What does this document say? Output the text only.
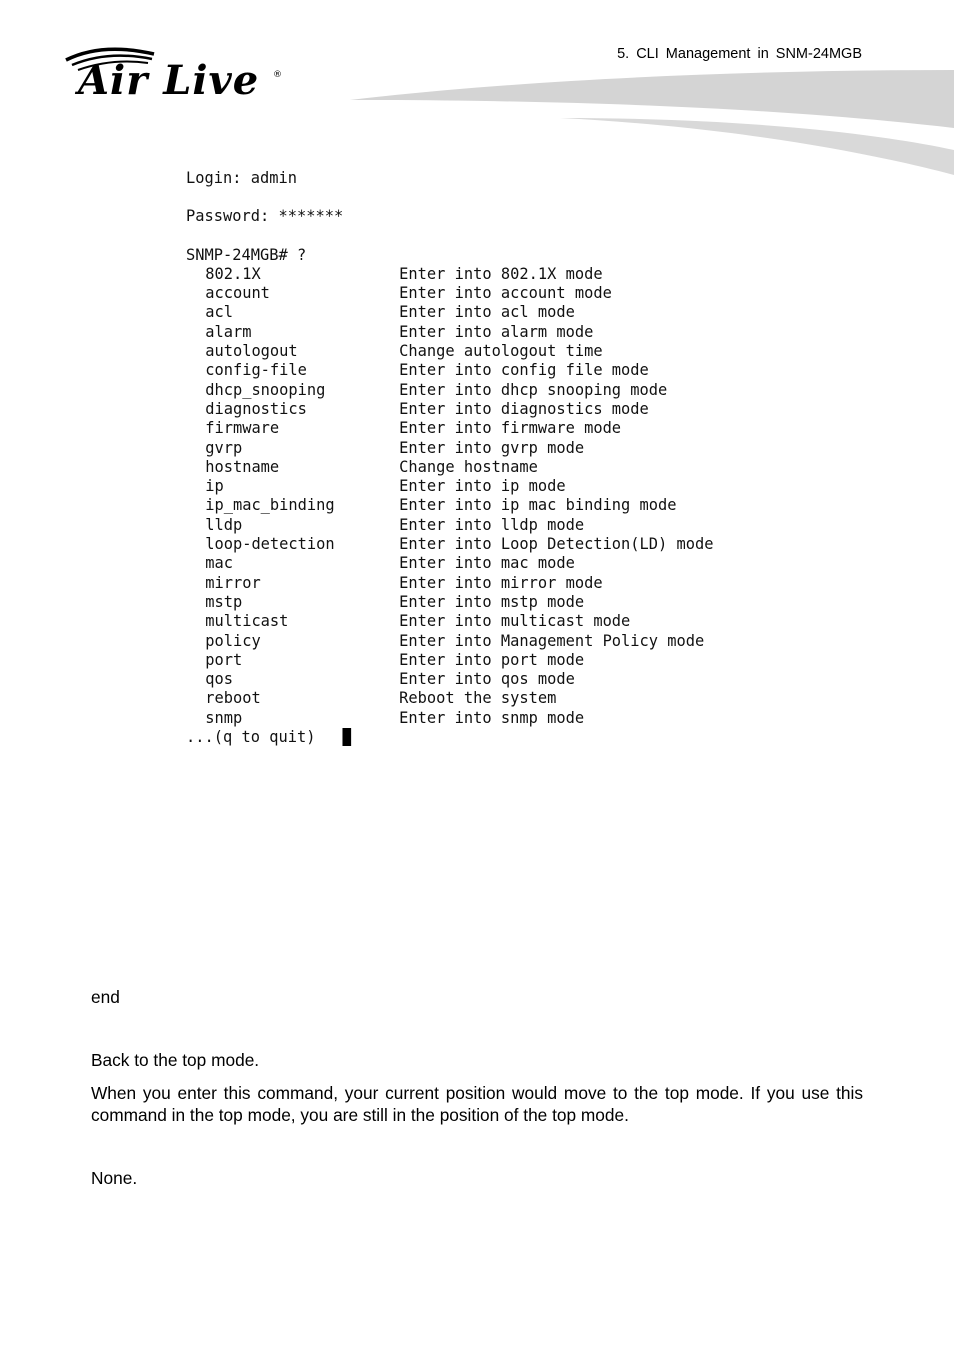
Air Live ®
5. CLI Management in SNM-24MGB
Login: admin
Password: *******
SNMP-24MGB# ?
802.1X	Enter into 802.1X mode
account	Enter into account mode
acl	Enter into acl mode
alarm	Enter into alarm mode
autologout	Change autologout time
config-file	Enter into config file mode
dhcp_snooping	Enter into dhcp snooping mode
diagnostics	Enter into diagnostics mode
firmware	Enter into firmware mode
gvrp	Enter into gvrp mode
hostname	Change hostname
ip	Enter into ip mode
ip_mac_binding	Enter into ip mac binding mode
lldp	Enter into lldp mode
loop-detection	Enter into Loop Detection(LD) mode
mac	Enter into mac mode
mirror	Enter into mirror mode
mstp	Enter into mstp mode
multicast	Enter into multicast mode
policy	Enter into Management Policy mode
port	Enter into port mode
qos	Enter into qos mode
reboot	Reboot the system
snmp	Enter into snmp mode
...(q to quit)
end
Back to the top mode.
When you enter this command, your current position would move to the top mode. If you use this command in the top mode, you are still in the position of the top mode.
None.
